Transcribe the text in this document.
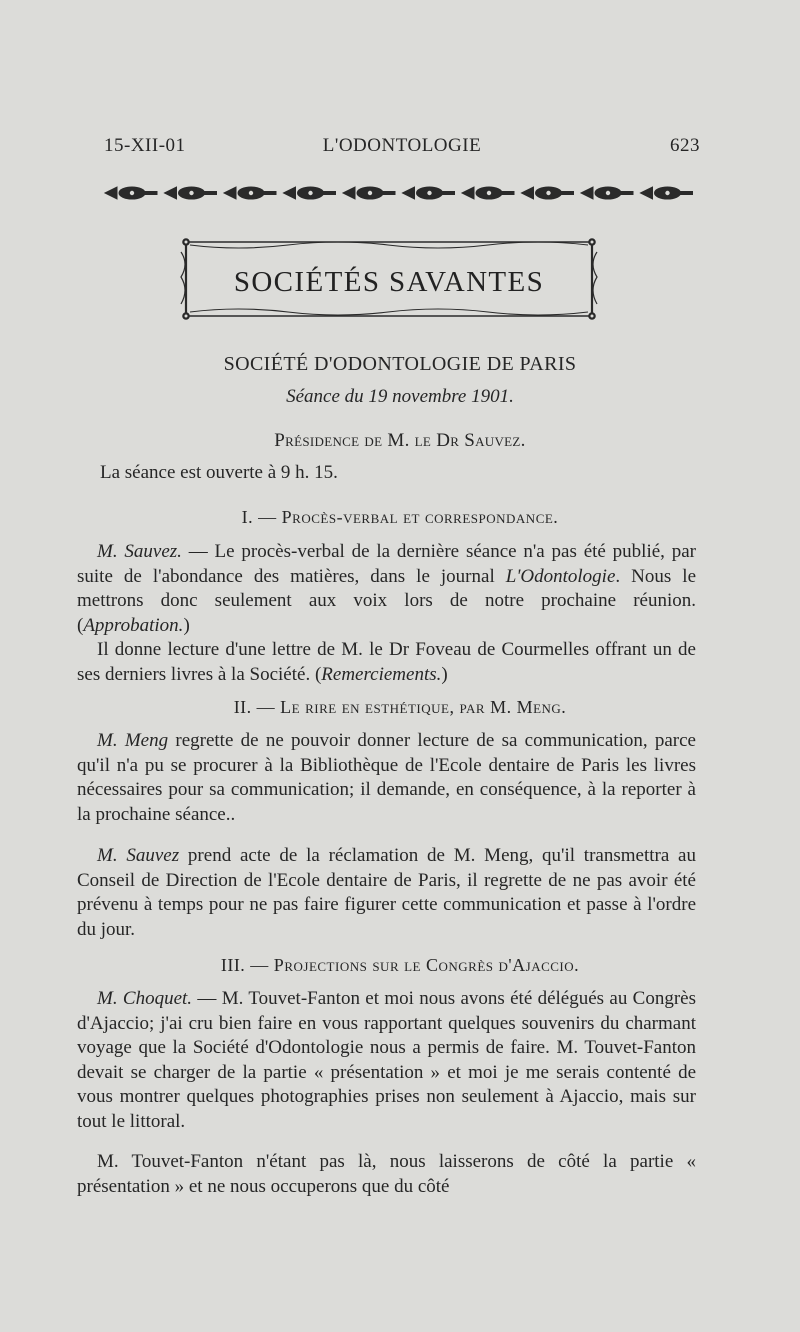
15-XII-01	L'ODONTOLOGIE	623
SOCIÉTÉS SAVANTES
SOCIÉTÉ D'ODONTOLOGIE DE PARIS
Séance du 19 novembre 1901.
Présidence de M. le Dr Sauvez.
La séance est ouverte à 9 h. 15.
I. — Procès-verbal et correspondance.
M. Sauvez. — Le procès-verbal de la dernière séance n'a pas été publié, par suite de l'abondance des matières, dans le journal L'Odontologie. Nous le mettrons donc seulement aux voix lors de notre prochaine réunion. (Approbation.)
Il donne lecture d'une lettre de M. le Dr Foveau de Courmelles offrant un de ses derniers livres à la Société. (Remerciements.)
II. — Le rire en esthétique, par M. Meng.
M. Meng regrette de ne pouvoir donner lecture de sa communication, parce qu'il n'a pu se procurer à la Bibliothèque de l'Ecole dentaire de Paris les livres nécessaires pour sa communication; il demande, en conséquence, à la reporter à la prochaine séance..
M. Sauvez prend acte de la réclamation de M. Meng, qu'il transmettra au Conseil de Direction de l'Ecole dentaire de Paris, il regrette de ne pas avoir été prévenu à temps pour ne pas faire figurer cette communication et passe à l'ordre du jour.
III. — Projections sur le Congrès d'Ajaccio.
M. Choquet. — M. Touvet-Fanton et moi nous avons été délégués au Congrès d'Ajaccio; j'ai cru bien faire en vous rapportant quelques souvenirs du charmant voyage que la Société d'Odontologie nous a permis de faire. M. Touvet-Fanton devait se charger de la partie « présentation » et moi je me serais contenté de vous montrer quelques photographies prises non seulement à Ajaccio, mais sur tout le littoral.
M. Touvet-Fanton n'étant pas là, nous laisserons de côté la partie « présentation » et ne nous occuperons que du côté
